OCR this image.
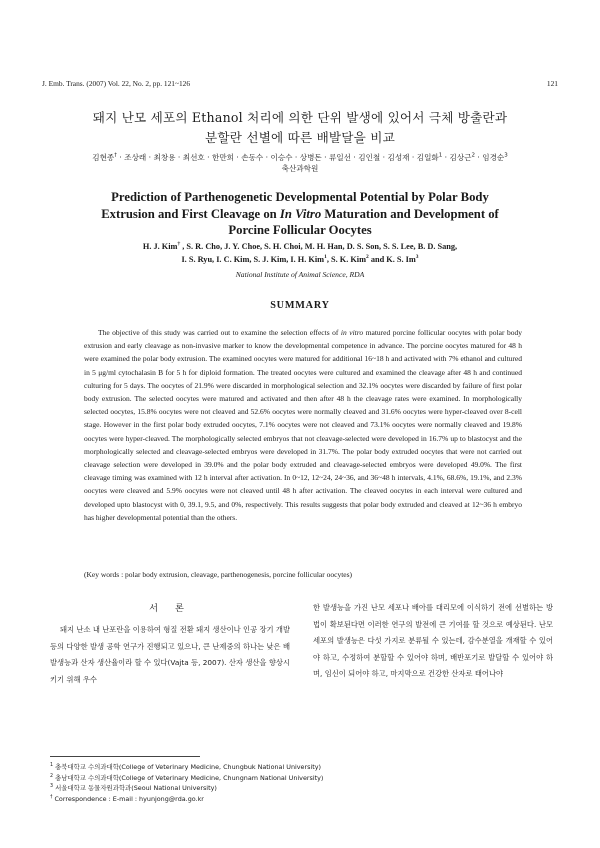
J. Emb. Trans. (2007) Vol. 22, No. 2, pp. 121~126	121
돼지 난모 세포의 Ethanol 처리에 의한 단위 발생에 있어서 극체 방출란과
분할란 선별에 따른 배발달을 비교
김현종† · 조상래 · 최창용 · 최선호 · 한만희 · 손동수 · 이승수 · 상병돈 · 류일선 · 김인철 · 김성재 · 김일화$^1$ · 김상근$^2$ · 임경순$^3$
축산과학원
Prediction of Parthenogenetic Developmental Potential by Polar Body
Extrusion and First Cleavage on In Vitro Maturation and Development of
Porcine Follicular Oocytes
H. J. Kim† , S. R. Cho, J. Y. Choe, S. H. Choi, M. H. Han, D. S. Son, S. S. Lee, B. D. Sang,
I. S. Ryu, I. C. Kim, S. J. Kim, I. H. Kim$^1$, S. K. Kim$^2$ and K. S. Im$^3$
National Institute of Animal Science, RDA
SUMMARY

The objective of this study was carried out to examine the selection effects of in vitro matured porcine follicular oocytes with polar body extrusion and early cleavage as non-invasive marker to know the developmental competence in advance. The porcine oocytes matured for 48 h were examined the polar body extrusion. The examined oocytes were matured for additional 16~18 h and activated with 7% ethanol and cultured in 5 μg/ml cytochalasin B for 5 h for diploid formation. The treated oocytes were cultured and examined the cleavage after 48 h and continued culturing for 5 days. The oocytes of 21.9% were discarded in morphological selection and 32.1% oocytes were discarded by failure of first polar body extrusion. The selected oocytes were matured and activated and then after 48 h the cleavage rates were examined. In morphologically selected oocytes, 15.8% oocytes were not cleaved and 52.6% oocytes were normally cleaved and 31.6% oocytes were hyper-cleaved over 8-cell stage. However in the first polar body extruded oocytes, 7.1% oocytes were not cleaved and 73.1% oocytes were normally cleaved and 19.8% oocytes were hyper-cleaved. The morphologically selected embryos that not cleavage-selected were developed in 16.7% up to blastocyst and the morphologically selected and cleavage-selected embryos were developed in 31.7%. The polar body extruded oocytes that were not carried out cleavage selection were developed in 39.0% and the polar body extruded and cleavage-selected embryos were developed 49.0%. The first cleavage timing was examined with 12 h interval after activation. In 0~12, 12~24, 24~36, and 36~48 h intervals, 4.1%, 68.6%, 19.1%, and 2.3% oocytes were cleaved and 5.9% oocytes were not cleaved until 48 h after activation. The cleaved oocytes in each interval were cultured and developed upto blastocyst with 0, 39.1, 9.5, and 0%, respectively. This results suggests that polar body extruded and cleaved at 12~36 h embryo has higher developmental potential than the others.

(Key words : polar body extrusion, cleavage, parthenogenesis, porcine follicular oocytes)
서 론

돼지 난소 내 난포란을 이용하여 형질 전환 돼지 생산이나 인공 장기 개발 등의 다양한 발생 공학 연구가 진행되고 있으나, 큰 난제중의 하나는 낮은 배발생능과 산자 생산율이라 할 수 있다(Vajta 등, 2007). 산자 생산을 향상시키기 위해 우수

한 발생능을 가진 난모 세포나 배아를 대리모에 이식하기 전에 선별하는 방법이 확보된다면 이러한 연구의 발전에 큰 기여를 할 것으로 예상된다. 난모 세포의 발생능은 다섯 가지로 분류될 수 있는데, 감수분열을 개재할 수 있어야 하고, 수정하여 분할할 수 있어야 하며, 배반포기로 발달할 수 있어야 하며, 임신이 되어야 하고, 마지막으로 건강한 산자로 태어나야

$^1$ 충북대학교 수의과대학(College of Veterinary Medicine, Chungbuk National University)
$^2$ 충남대학교 수의과대학(College of Veterinary Medicine, Chungnam National University)
$^3$ 서울대학교 동물자원과학과(Seoul National University)
† Correspondence : E-mail : hyunjong@rda.go.kr
